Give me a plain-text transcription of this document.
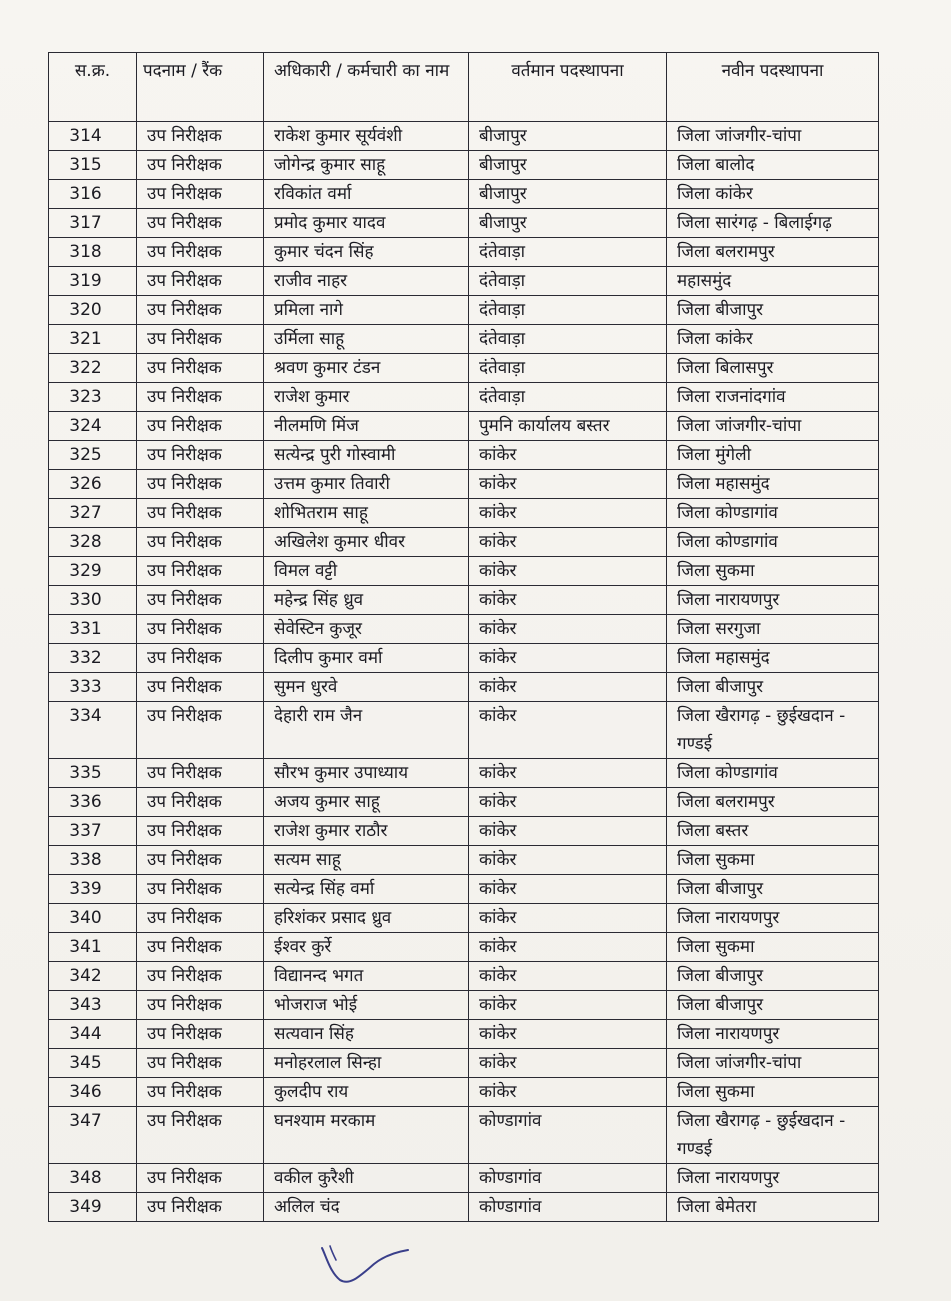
स.क्र.	पदनाम / रैंक	अधिकारी / कर्मचारी का नाम	वर्तमान पदस्थापना	नवीन पदस्थापना
314	उप निरीक्षक	राकेश कुमार सूर्यवंशी	बीजापुर	जिला जांजगीर-चांपा
315	उप निरीक्षक	जोगेन्द्र कुमार साहू	बीजापुर	जिला बालोद
316	उप निरीक्षक	रविकांत वर्मा	बीजापुर	जिला कांकेर
317	उप निरीक्षक	प्रमोद कुमार यादव	बीजापुर	जिला सारंगढ़ - बिलाईगढ़
318	उप निरीक्षक	कुमार चंदन सिंह	दंतेवाड़ा	जिला बलरामपुर
319	उप निरीक्षक	राजीव नाहर	दंतेवाड़ा	महासमुंद
320	उप निरीक्षक	प्रमिला नागे	दंतेवाड़ा	जिला बीजापुर
321	उप निरीक्षक	उर्मिला साहू	दंतेवाड़ा	जिला कांकेर
322	उप निरीक्षक	श्रवण कुमार टंडन	दंतेवाड़ा	जिला बिलासपुर
323	उप निरीक्षक	राजेश कुमार	दंतेवाड़ा	जिला राजनांदगांव
324	उप निरीक्षक	नीलमणि मिंज	पुमनि कार्यालय बस्तर	जिला जांजगीर-चांपा
325	उप निरीक्षक	सत्येन्द्र पुरी गोस्वामी	कांकेर	जिला मुंगेली
326	उप निरीक्षक	उत्तम कुमार तिवारी	कांकेर	जिला महासमुंद
327	उप निरीक्षक	शोभितराम साहू	कांकेर	जिला कोण्डागांव
328	उप निरीक्षक	अखिलेश कुमार धीवर	कांकेर	जिला कोण्डागांव
329	उप निरीक्षक	विमल वट्टी	कांकेर	जिला सुकमा
330	उप निरीक्षक	महेन्द्र सिंह ध्रुव	कांकेर	जिला नारायणपुर
331	उप निरीक्षक	सेवेस्टिन कुजूर	कांकेर	जिला सरगुजा
332	उप निरीक्षक	दिलीप कुमार वर्मा	कांकेर	जिला महासमुंद
333	उप निरीक्षक	सुमन धुरवे	कांकेर	जिला बीजापुर
334	उप निरीक्षक	देहारी राम जैन	कांकेर	जिला खैरागढ़ - छुईखदान - गण्डई
335	उप निरीक्षक	सौरभ कुमार उपाध्याय	कांकेर	जिला कोण्डागांव
336	उप निरीक्षक	अजय कुमार साहू	कांकेर	जिला बलरामपुर
337	उप निरीक्षक	राजेश कुमार राठौर	कांकेर	जिला बस्तर
338	उप निरीक्षक	सत्यम साहू	कांकेर	जिला सुकमा
339	उप निरीक्षक	सत्येन्द्र सिंह वर्मा	कांकेर	जिला बीजापुर
340	उप निरीक्षक	हरिशंकर प्रसाद ध्रुव	कांकेर	जिला नारायणपुर
341	उप निरीक्षक	ईश्वर कुर्रे	कांकेर	जिला सुकमा
342	उप निरीक्षक	विद्यानन्द भगत	कांकेर	जिला बीजापुर
343	उप निरीक्षक	भोजराज भोई	कांकेर	जिला बीजापुर
344	उप निरीक्षक	सत्यवान सिंह	कांकेर	जिला नारायणपुर
345	उप निरीक्षक	मनोहरलाल सिन्हा	कांकेर	जिला जांजगीर-चांपा
346	उप निरीक्षक	कुलदीप राय	कांकेर	जिला सुकमा
347	उप निरीक्षक	घनश्याम मरकाम	कोण्डागांव	जिला खैरागढ़ - छुईखदान - गण्डई
348	उप निरीक्षक	वकील कुरैशी	कोण्डागांव	जिला नारायणपुर
349	उप निरीक्षक	अलिल चंद	कोण्डागांव	जिला बेमेतरा
